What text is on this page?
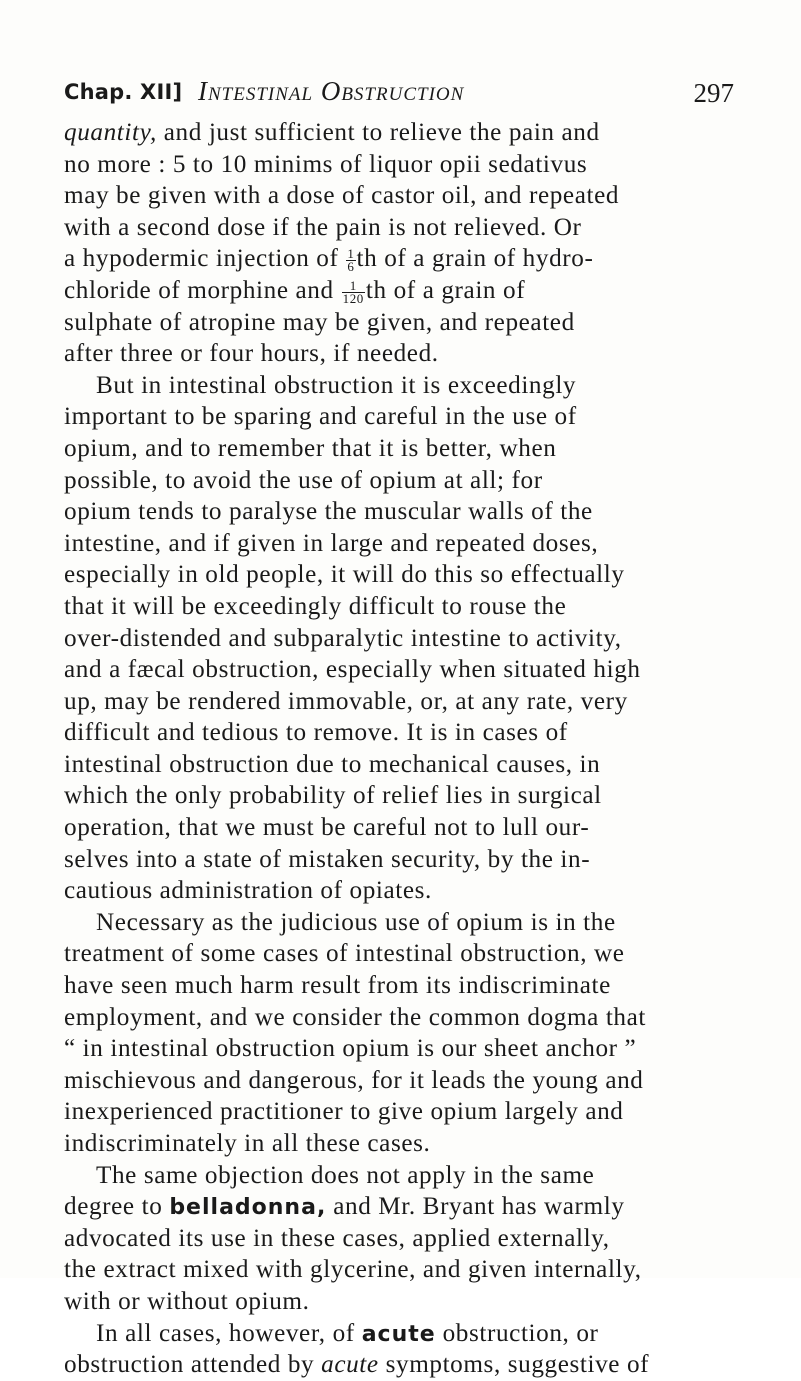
Chap. XII] Intestinal Obstruction	297
quantity, and just sufficient to relieve the pain and
no more : 5 to 10 minims of liquor opii sedativus
may be given with a dose of castor oil, and repeated
with a second dose if the pain is not relieved. Or
a hypodermic injection of $\frac{1}{6}$ th of a grain of hydro-
chloride of morphine and $\frac{1}{120}$ th of a grain of
sulphate of atropine may be given, and repeated
after three or four hours, if needed.
But in intestinal obstruction it is exceedingly
important to be sparing and careful in the use of
opium, and to remember that it is better, when
possible, to avoid the use of opium at all; for
opium tends to paralyse the muscular walls of the
intestine, and if given in large and repeated doses,
especially in old people, it will do this so effectually
that it will be exceedingly difficult to rouse the
over-distended and subparalytic intestine to activity,
and a fæcal obstruction, especially when situated high
up, may be rendered immovable, or, at any rate, very
difficult and tedious to remove. It is in cases of
intestinal obstruction due to mechanical causes, in
which the only probability of relief lies in surgical
operation, that we must be careful not to lull our-
selves into a state of mistaken security, by the in-
cautious administration of opiates.
Necessary as the judicious use of opium is in the
treatment of some cases of intestinal obstruction, we
have seen much harm result from its indiscriminate
employment, and we consider the common dogma that
“ in intestinal obstruction opium is our sheet anchor ”
mischievous and dangerous, for it leads the young and
inexperienced practitioner to give opium largely and
indiscriminately in all these cases.
The same objection does not apply in the same
degree to belladonna, and Mr. Bryant has warmly
advocated its use in these cases, applied externally,
the extract mixed with glycerine, and given internally,
with or without opium.
In all cases, however, of acute obstruction, or
obstruction attended by acute symptoms, suggestive of
